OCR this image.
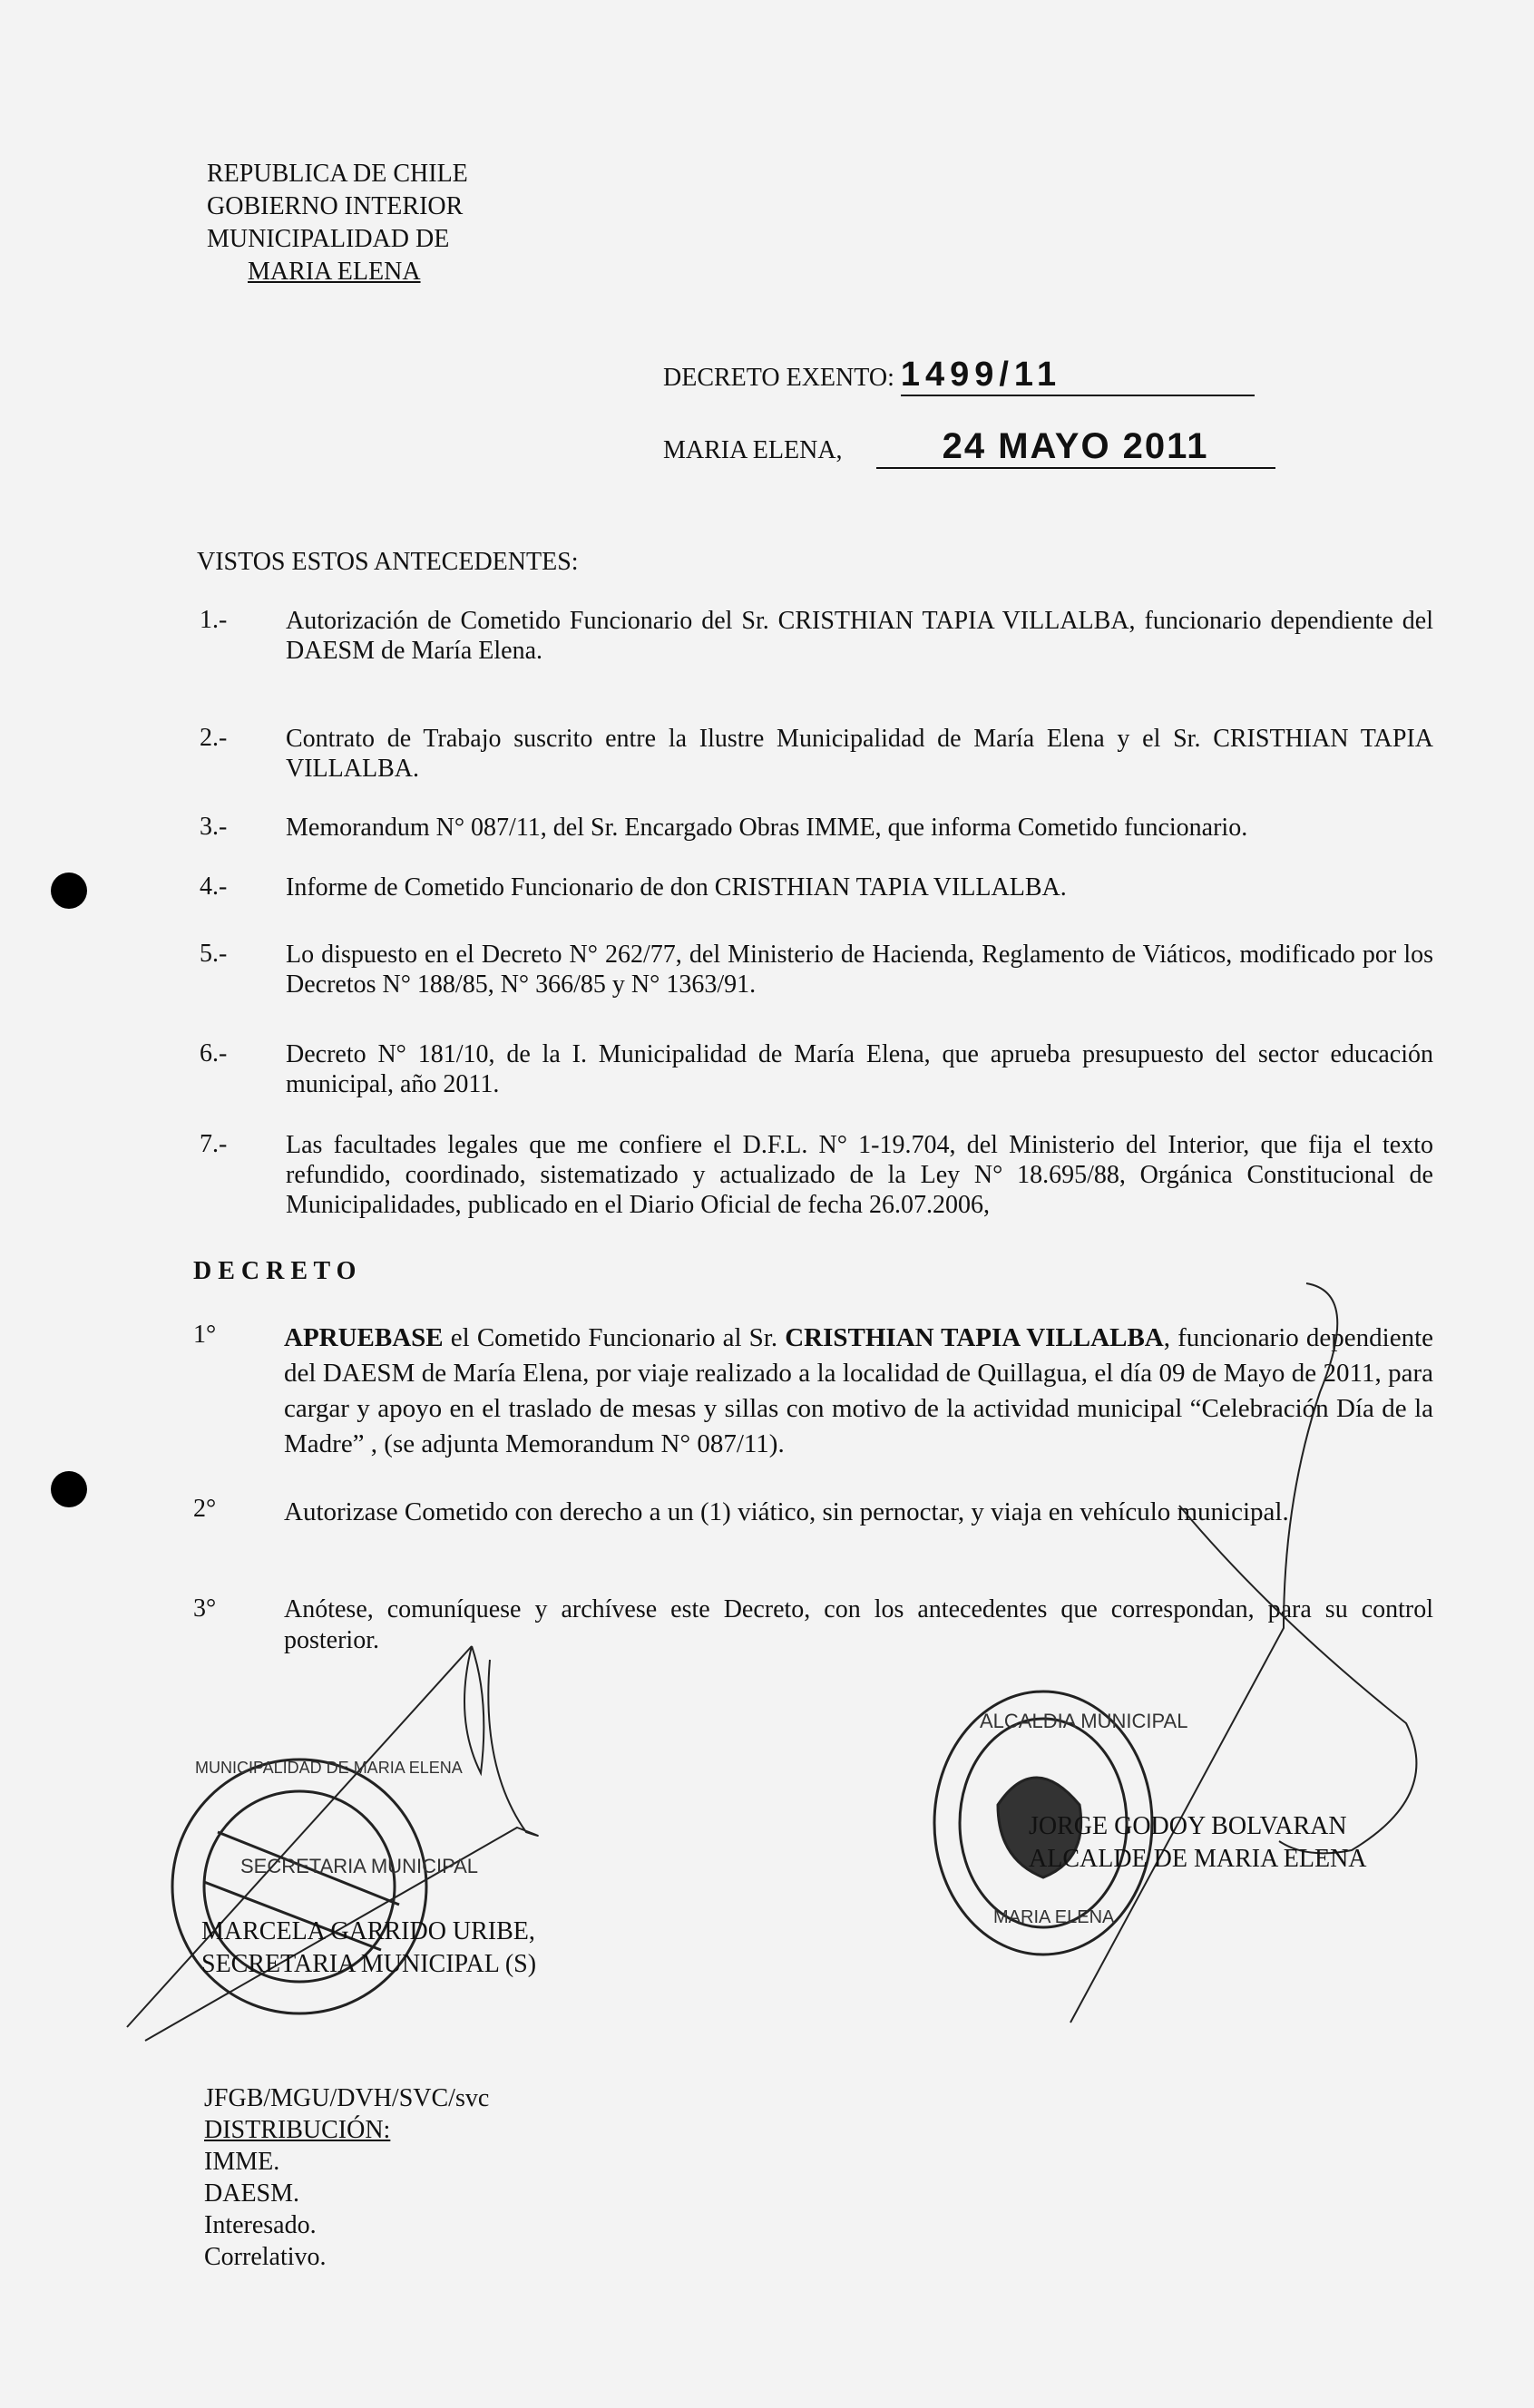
REPUBLICA DE CHILE
GOBIERNO INTERIOR
MUNICIPALIDAD DE
MARIA ELENA
DECRETO EXENTO: 1499/11
MARIA ELENA,	24 MAYO 2011
VISTOS ESTOS ANTECEDENTES:
1.- Autorización de Cometido Funcionario del Sr. CRISTHIAN TAPIA VILLALBA, funcionario dependiente del DAESM de María Elena.
2.- Contrato de Trabajo suscrito entre la Ilustre Municipalidad de María Elena y el Sr. CRISTHIAN TAPIA VILLALBA.
3.- Memorandum N° 087/11, del Sr. Encargado Obras IMME, que informa Cometido funcionario.
4.- Informe de Cometido Funcionario de don CRISTHIAN TAPIA VILLALBA.
5.- Lo dispuesto en el Decreto N° 262/77, del Ministerio de Hacienda, Reglamento de Viáticos, modificado por los Decretos N° 188/85, N° 366/85 y N° 1363/91.
6.- Decreto N° 181/10, de la I. Municipalidad de María Elena, que aprueba presupuesto del sector educación municipal, año 2011.
7.- Las facultades legales que me confiere el D.F.L. N° 1-19.704, del Ministerio del Interior, que fija el texto refundido, coordinado, sistematizado y actualizado de la Ley N° 18.695/88, Orgánica Constitucional de Municipalidades, publicado en el Diario Oficial de fecha 26.07.2006,
D E C R E T O
1°	APRUEBASE el Cometido Funcionario al Sr. CRISTHIAN TAPIA VILLALBA, funcionario dependiente del DAESM de María Elena, por viaje realizado a la localidad de Quillagua, el día 09 de Mayo de 2011, para cargar y apoyo en el traslado de mesas y sillas con motivo de la actividad municipal “Celebración Día de la Madre” , (se adjunta Memorandum N° 087/11).
2°	Autorizase Cometido con derecho a un (1) viático, sin pernoctar, y viaja en vehículo municipal.
3°	Anótese, comuníquese y archívese este Decreto, con los antecedentes que correspondan, para su control posterior.
SECRETARIA MUNICIPAL
ALCALDIA MUNICIPAL
MARIA ELENA
MUNICIPALIDAD DE MARIA ELENA
MARCELA GARRIDO URIBE,
SECRETARIA MUNICIPAL (S)
JORGE GODOY BOLVARAN
ALCALDE DE MARIA ELENA
JFGB/MGU/DVH/SVC/svc
DISTRIBUCIÓN:
IMME.
DAESM.
Interesado.
Correlativo.
